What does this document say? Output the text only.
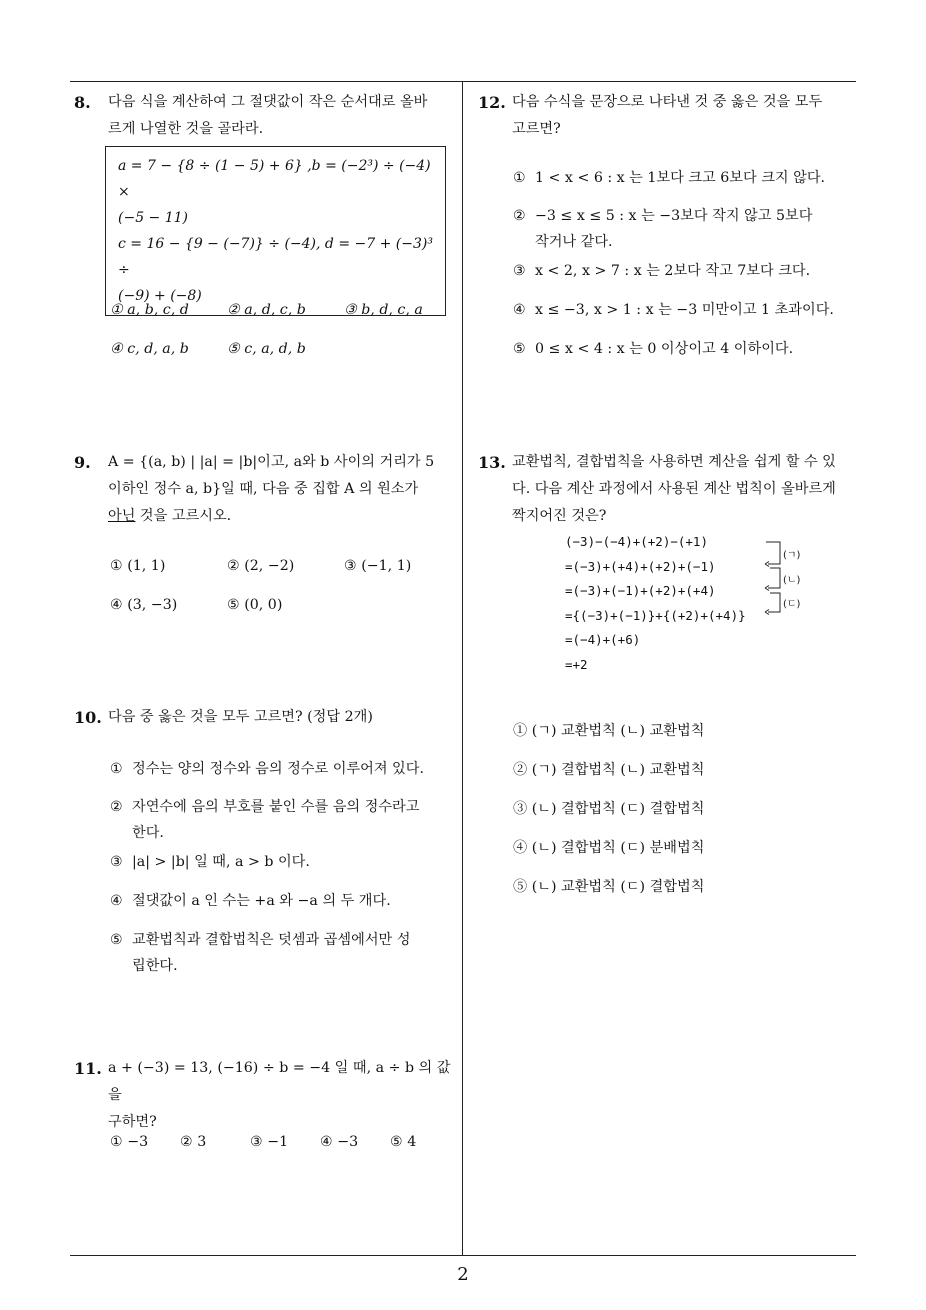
2
8. 다음 식을 계산하여 그 절댓값이 작은 순서대로 올바
르게 나열한 것을 골라라.
a = 7 − {8 ÷ (1 − 5) + 6} ,b = (−2³) ÷ (−4) ×
(−5 − 11)
c = 16 − {9 − (−7)} ÷ (−4), d = −7 + (−3)³ ÷
(−9) + (−8)
① a, b, c, d	② a, d, c, b	③ b, d, c, a
④ c, d, a, b	⑤ c, a, d, b
9. A = {(a, b) | |a| = |b|이고, a와 b 사이의 거리가 5
이하인 정수 a, b}일 때, 다음 중 집합 A 의 원소가
아닌 것을 고르시오.
① (1, 1)	② (2, −2)	③ (−1, 1)
④ (3, −3)	⑤ (0, 0)
10. 다음 중 옳은 것을 모두 고르면? (정답 2개)
① 정수는 양의 정수와 음의 정수로 이루어져 있다.
② 자연수에 음의 부호를 붙인 수를 음의 정수라고
한다.
③ |a| > |b| 일 때, a > b 이다.
④ 절댓값이 a 인 수는 +a 와 −a 의 두 개다.
⑤ 교환법칙과 결합법칙은 덧셈과 곱셈에서만 성
립한다.
11. a + (−3) = 13, (−16) ÷ b = −4 일 때, a ÷ b 의 값을
구하면?
① −3 ② 3	③ −1 ④ −3 ⑤ 4
12. 다음 수식을 문장으로 나타낸 것 중 옳은 것을 모두
고르면?
① 1 < x < 6 : x 는 1보다 크고 6보다 크지 않다.
② −3 ≤ x ≤ 5 : x 는 −3보다 작지 않고 5보다
작거나 같다.
③ x < 2, x > 7 : x 는 2보다 작고 7보다 크다.
④ x ≤ −3, x > 1 : x 는 −3 미만이고 1 초과이다.
⑤ 0 ≤ x < 4 : x 는 0 이상이고 4 이하이다.
13. 교환법칙, 결합법칙을 사용하면 계산을 쉽게 할 수 있
다. 다음 계산 과정에서 사용된 계산 법칙이 올바르게
짝지어진 것은?
(−3)−(−4)+(+2)−(+1)
=(−3)+(+4)+(+2)+(−1)
=(−3)+(−1)+(+2)+(+4)
={(−3)+(−1)}+{(+2)+(+4)}
=(−4)+(+6)
=+2
(ㄱ)
(ㄴ)
(ㄷ)
① (ㄱ) 교환법칙 (ㄴ) 교환법칙
② (ㄱ) 결합법칙 (ㄴ) 교환법칙
③ (ㄴ) 결합법칙 (ㄷ) 결합법칙
④ (ㄴ) 결합법칙 (ㄷ) 분배법칙
⑤ (ㄴ) 교환법칙 (ㄷ) 결합법칙
